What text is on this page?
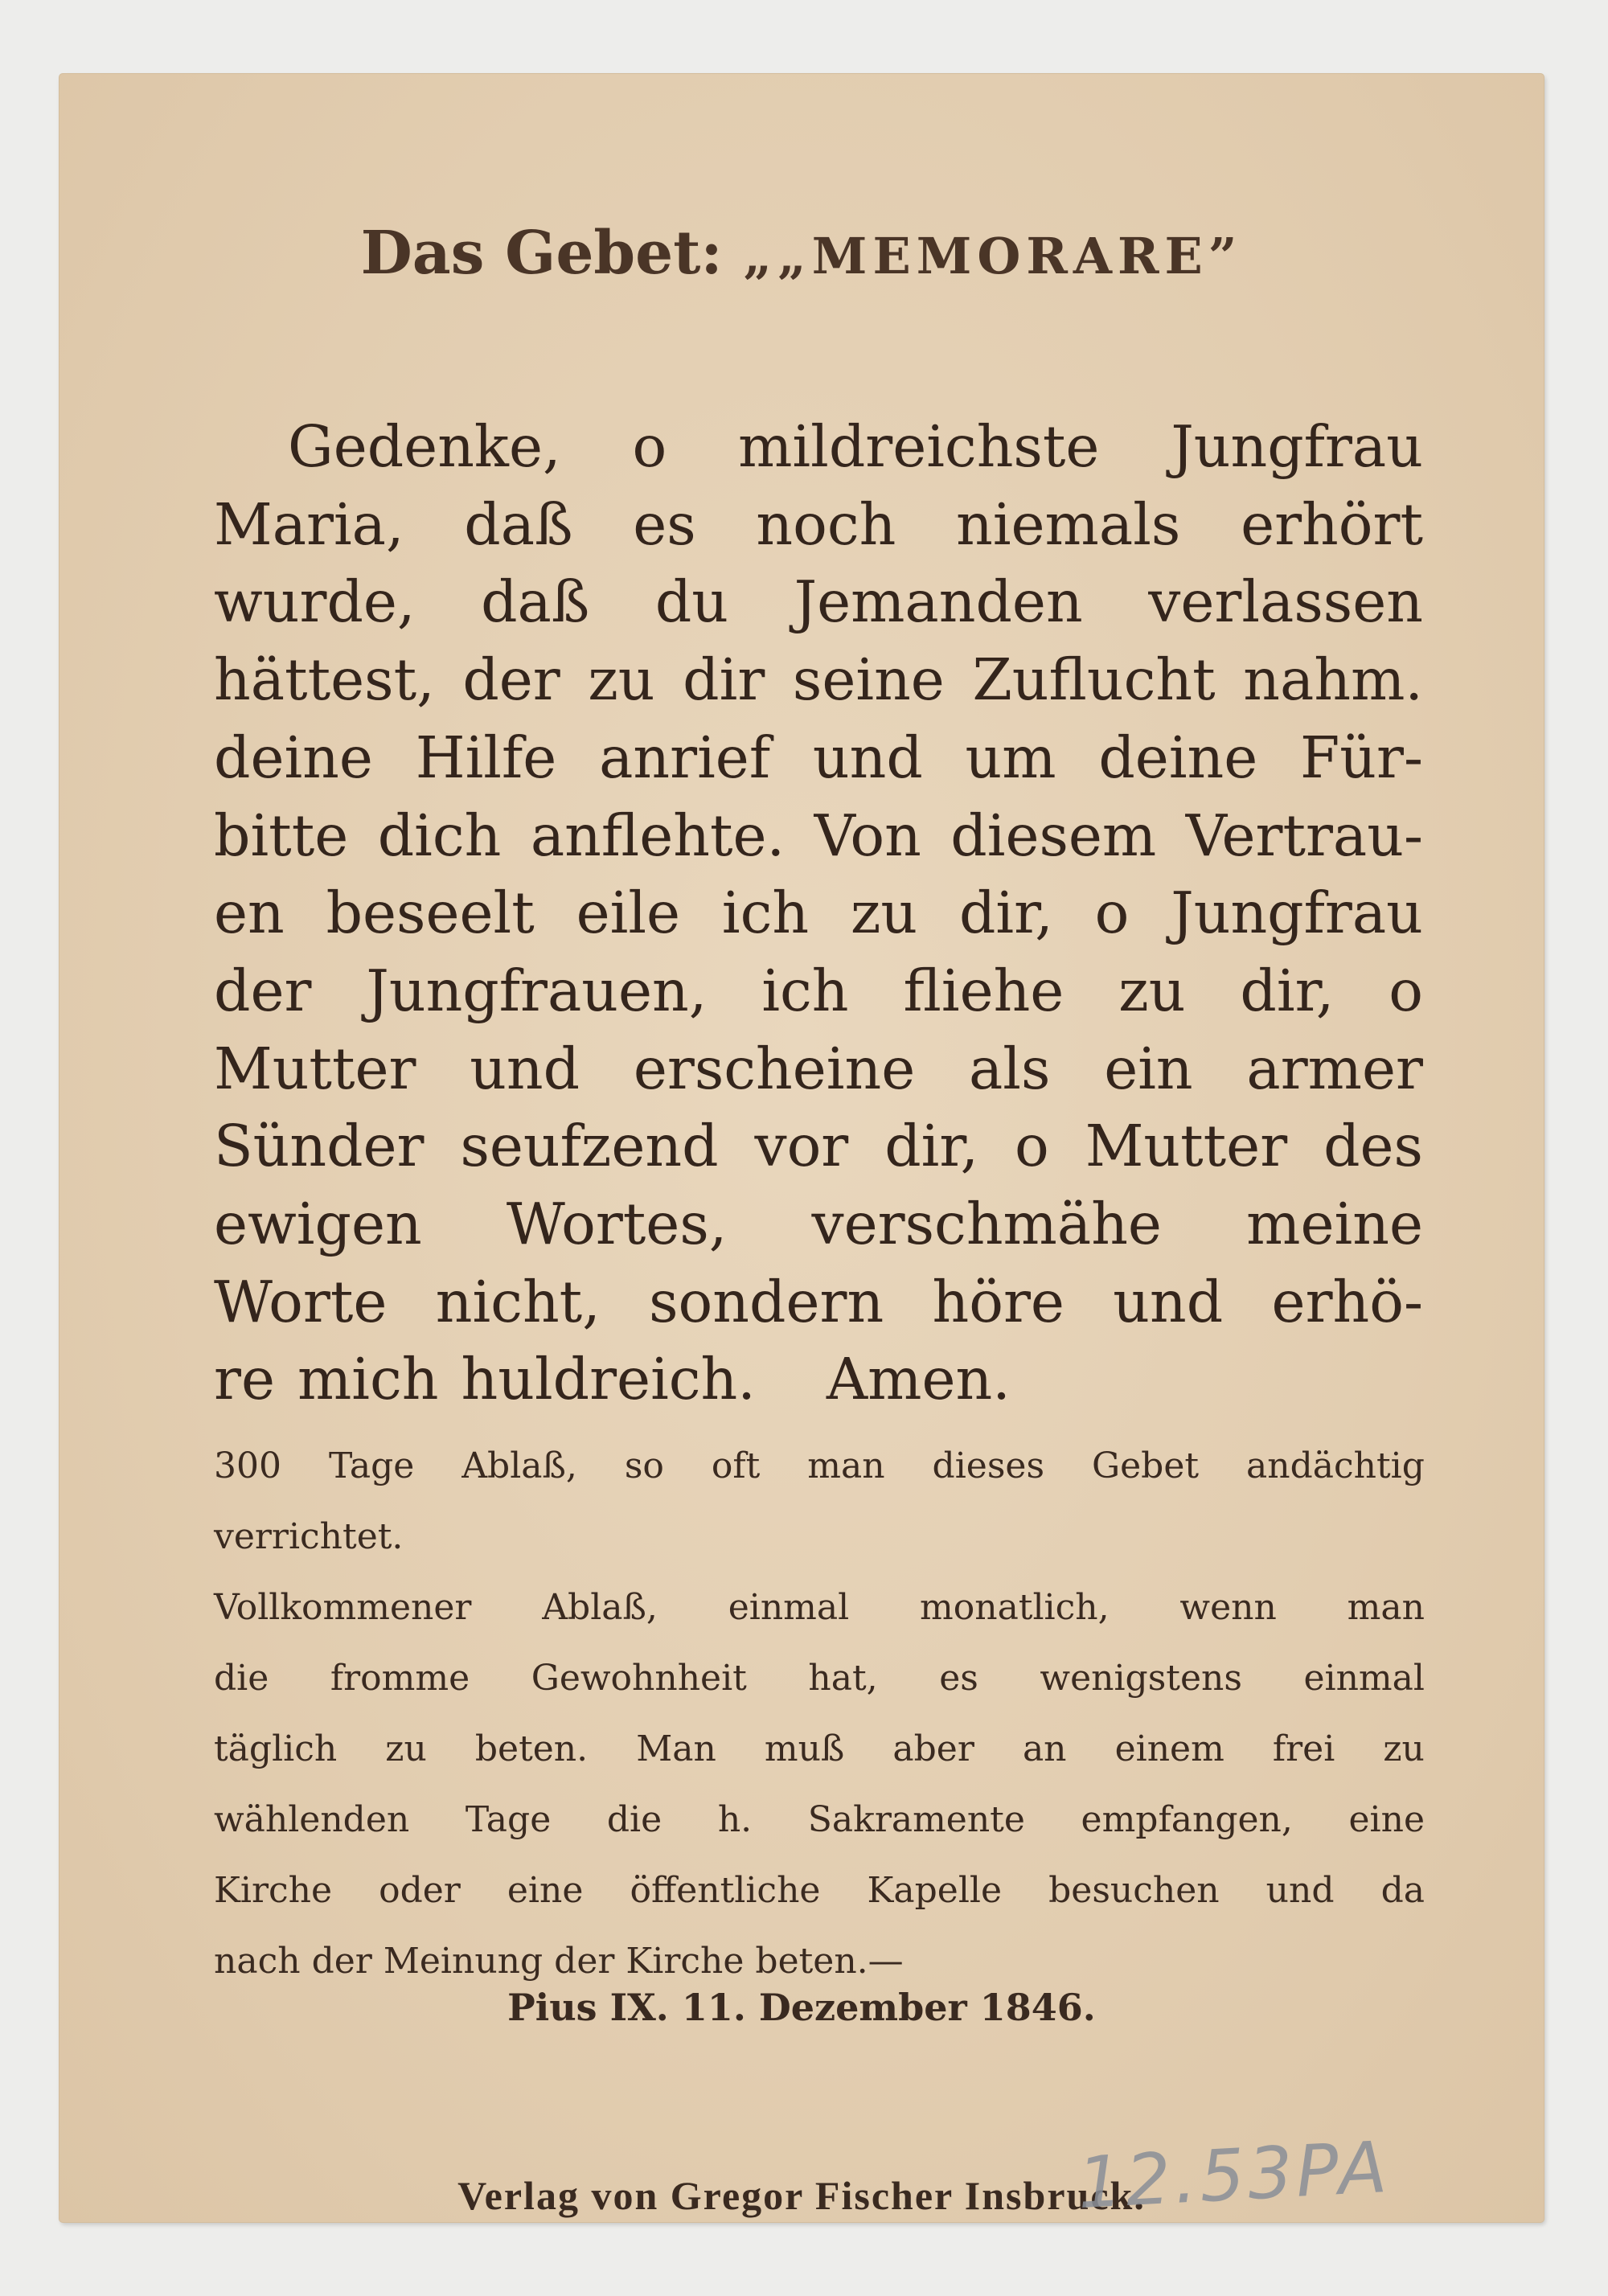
Das Gebet: „„MEMORARE”
Gedenke, o mildreichste Jungfrau
Maria, daß es noch niemals erhört
wurde, daß du Jemanden verlassen
hättest, der zu dir seine Zuflucht nahm.
deine Hilfe anrief und um deine Für-
bitte dich anflehte. Von diesem Vertrau-
en beseelt eile ich zu dir, o Jungfrau
der Jungfrauen, ich fliehe zu dir, o
Mutter und erscheine als ein armer
Sünder seufzend vor dir, o Mutter des
ewigen Wortes, verschmähe meine
Worte nicht, sondern höre und erhö-
re mich huldreich. Amen.
300 Tage Ablaß, so oft man dieses Gebet andächtig
verrichtet.
Vollkommener Ablaß, einmal monatlich, wenn man
die fromme Gewohnheit hat, es wenigstens einmal
täglich zu beten. Man muß aber an einem frei zu
wählenden Tage die h. Sakramente empfangen, eine
Kirche oder eine öffentliche Kapelle besuchen und da
nach der Meinung der Kirche beten.—
Pius IX. 11. Dezember 1846.
Verlag von Gregor Fischer Insbruck.
12.53PA
